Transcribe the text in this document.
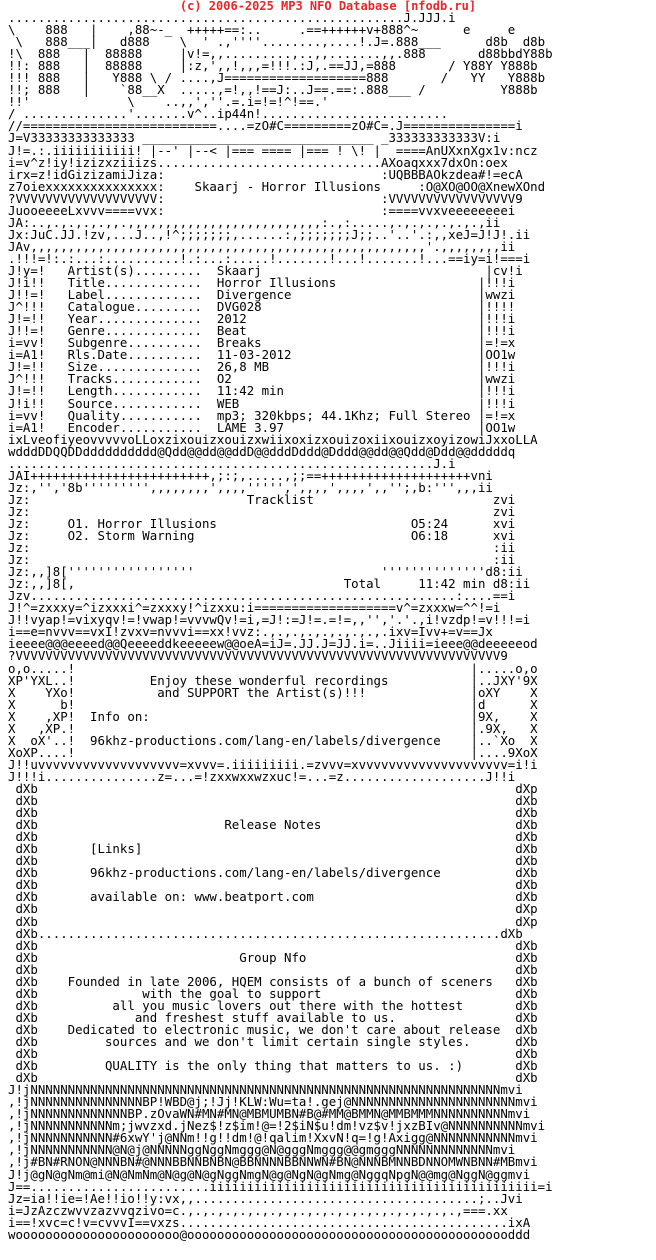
(c) 2006-2025 MP3 NFO Database [nfodb.ru]
.....................................................J.JJJ.i
\    888   |    ,88~-_  +++++==:..     .==++++++v+888^~      e     e
\   888___|   d888    \  ' .,''''........,....!.J=.888___      d8b  d8b
!\  888   |  88888     |v!=,,.........,..,,.......,,.888       d88bbdY88b
!!: 888   |  88888     |:z,',,!,,,=!!!.:J,.==JJ,=888       / Y88Y Y888b
!!! 888   |   Y888 \ / ....,J===================888       /   YY   Y888b
!!; 888   |    `88__X  .....,=!,,!==J:..J==.==:.888___ /          Y888b
!!'             \    ..,,',''.=.i=!=!^!==.'
/ ..............'.......v^..ip44n!.........................
//==========================....=zO#C=========zO#C=.J===============i
J=V33333333333333 _______________________________ _333333333333V:i
J!=.:.iiiiiiiiiii! |--' |--< |=== ==== |=== ! \! |  ====AnUXxnXgx1v:ncz
i=v^z!iy!izizxziiizs..............................AXoaqxxx7dxOn:oex
irx=z!idGizizamiJiza:                             :UQBBBAOkzdea#!=ecA
z7oiexxxxxxxxxxxxxxx:    Skaarj - Horror Illusions     :O@XO@OO@XnewXOnd
?VVVVVVVVVVVVVVVVVVV:                             :VVVVVVVVVVVVVVVVV9
JuooeeeeLxvvv====vvx:                             :====vvxveeeeeeeei
JA:..,.,.,.,.,,.,,,,,,,,,,,,,,,,,,,,,,,,,,:.,:.....,.,.,.,.,.,.,ii
Jx:JuC.JJ.!zv,...J..,!^;;;;;;;,......:,;;;;;;;J;;..'..'.:,,xeJ=J!J!.ii
JAv,,,,,,,,,,,,,,,,,,,,,,,,,,,,,,,,,,,,,,,,,,,,,,,,,,,,,'.,,,,,,,,ii
.!!!=!:.:...:..........!.:...:.....!.......!...!.......!...==iy=i!===i
J!y=!   Artist(s).........  Skaarj                              |cv!i
J!i!!   Title.............  Horror Illusions                   |!!!i
J!!=!   Label.............  Divergence                         |wwzi
J^!!!   Catalogue.........  DVG028                             |!!!!
J!=!!   Year..............  2012                               |!!!i
J!!=!   Genre.............  Beat                               |!!!i
i=vv!   Subgenre..........  Breaks                             |=!=x
i=A1!   Rls.Date..........  11-03-2012                         |OO1w
J!=!!   Size..............  26,8 MB                            |!!!i
J^!!!   Tracks............  O2                                 |wwzi
J!=!!   Length............  11:42 min                          |!!!i
J!i!!   Source............  WEB                                |!!!i
i=vv!   Quality...........  mp3; 320kbps; 44.1Khz; Full Stereo |=!=x
i=A1!   Encoder...........  LAME 3.97                          |OO1w
ixLveofiyeovvvvvoLLoxzixouizxouizxwiixoxizxouizoxiixouizxoyizowiJxxoLLA
wdddDDQQDDdddddddddd@Qdd@@dd@@ddD@@dddDddd@Dddd@@dd@@Qdd@Ddd@@dddddq
.........................................................J.i
JAI++++++++++++++++++++++++,;:;,.....,;;==++++++++++++++++++++vni
Jz:,'','8b''''''''',,,,,,,,',,,,''''',',,,,',,,,',,'';,b:''',,,ii
Jz:                             Tracklist                        zvi
Jz:                                                              zvi
Jz:     O1. Horror Illusions                          O5:24      xvi
Jz:     O2. Storm Warning                             O6:18      xvi
Jz:                                                              :ii
Jz:                                                              :ii
Jz:,,]8['''''''''''''''''                         ''''''''''''''d8:ii
Jz:,,]8[,                                    Total     11:42 min d8:ii
Jzv.........................................................:....==i
J!^=zxxxy=^izxxxi^=zxxxy!^izxxu:i===================v^=zxxxw=^^!=i
J!!vyap!=vixyqv!=!vwap!=vvvwQv!=i,=J!:=J!=.=!=,,'','.'.,i!vzdp!=v!!!=i
i==e=nvvv==vxI!zvxv=nvvvi==xx!vvz:.,.,.,.,.,.,.,.,.ixv=Ivv+=v==Jx
ieeee@@@eeeed@@Qeeeeddkeeeeew@@oeA=iJ=.JJ.J=JJ.i=..Jiiii=ieee@@deeeeeod
?VVVVVVVVVVVVVVVVVVVVVVVVVVVVVVVVVVVVVVVVVVVVVVVVVVVVVVVVVVVVVVVVV9
o,o.....!                                                     |.....o,o
XP'YXL..!          Enjoy these wonderful recordings           |..JXY'9X
X    YXo!           and SUPPORT the Artist(s)!!!              |oXY    X
X      b!                                                     |d      X
X    ,XP!  Info on:                                           |9X,    X
X   ,XP.!                                                     |.9X,   X
X  oX'..!  96khz-productions.com/lang-en/labels/divergence    |..`Xo  X
XoXP....!                                                     |....9XoX
J!!uvvvvvvvvvvvvvvvvvvv=xvvv=.iiiiiiiii.=zvvv=xvvvvvvvvvvvvvvvvvvvv=i!i
J!!!i...............z=...=!zxxwxxwzxuc!=...=z...................J!!i
dXb                                                                dXp
dXb                                                                dXb
dXb                                                                dXb
dXb                         Release Notes                          dXb
dXb                                                                dXb
dXb       [Links]                                                  dXb
dXb                                                                dXb
dXb       96khz-productions.com/lang-en/labels/divergence          dXb
dXb                                                                dXb
dXb       available on: www.beatport.com                           dXb
dXb                                                                dXp
dXb                                                                dXp
dXb..............................................................dXb
dXb                                                                dXb
dXb                           Group Nfo                            dXb
dXb                                                                dXb
dXb    Founded in late 2006, HQEM consists of a bunch of sceners   dXb
dXb              with the goal to support                          dXb
dXb          all you music lovers out there with the hottest       dXb
dXb             and freshest stuff available to us.                dXb
dXb    Dedicated to electronic music, we don't care about release  dXb
dXb         sources and we don't limit certain single styles.      dXb
dXb                                                                dXb
dXb         QUALITY is the only thing that matters to us. :)       dXb
dXb                                                                dXb
J!jNNNNNNNNNNNNNNNNNNNNNNNNNNNNNNNNNNNNNNNNNNNNNNNNNNNNNNNNNNNNNNNmvi
,!jNNNNNNNNNNNNNNNBP!WBD@j;!Jj!KLW:Wu=ta!.gej@NNNNNNNNNNNNNNNNNNNNNNmvi
,!jNNNNNNNNNNNNNBP.zOvaWN#MN#MN@MBMUMBN#B@#MM@BMMN@MMBMMMNNNNNNNNNNmvi
,!jNNNNNNNNNNNm;jwvzxd.jNez$!z$im!@=!2$iN$u!dm!vz$v!jxzBIv@NNNNNNNNNNmvi
,!jNNNNNNNNNNN#6xwY'j@NNm!!g!!dm!@!qalim!XxvN!q=!g!Axigg@NNNNNNNNNNNmvi
,!jNNNNNNNNNNN@N@j@NNNNNggNggNmggg@N@gggNmggg@@gmgggNNNNNNNNNNNNNmvi
,!j#BN#RNON@NNNBN#@NNNBBNNBNBN@BBNNNNBBNNWN#BN@NNNBMNNBDNNOMWNBNN#MBmvi
J!j@gN@gNm@mi@N@NmNm@N@g@N@gNggNmgN@g@NgN@gNmg@NggqNpgN@@mg@NggN@ggmvi
J==........................iiiiiiiiiiiiiiiiiiiiiiiiiiiiiiiiiiiiiiiiiiii=i
Jz=ia!!ie=!Ae!!io!!y:vx,,......................................;..Jvi
i=JzAzczwvvzazvvqzivo=c.,.,.,.,.,.,.,.,.,.,.,.,.,.,.,.,.,.,.,===.xx
i==!xvc=c!v=cvvvI==vxzs............................................ixA
woooooooooooooooooooooo@oooooooooooooooooooooooooooooooooooooooooooddd
